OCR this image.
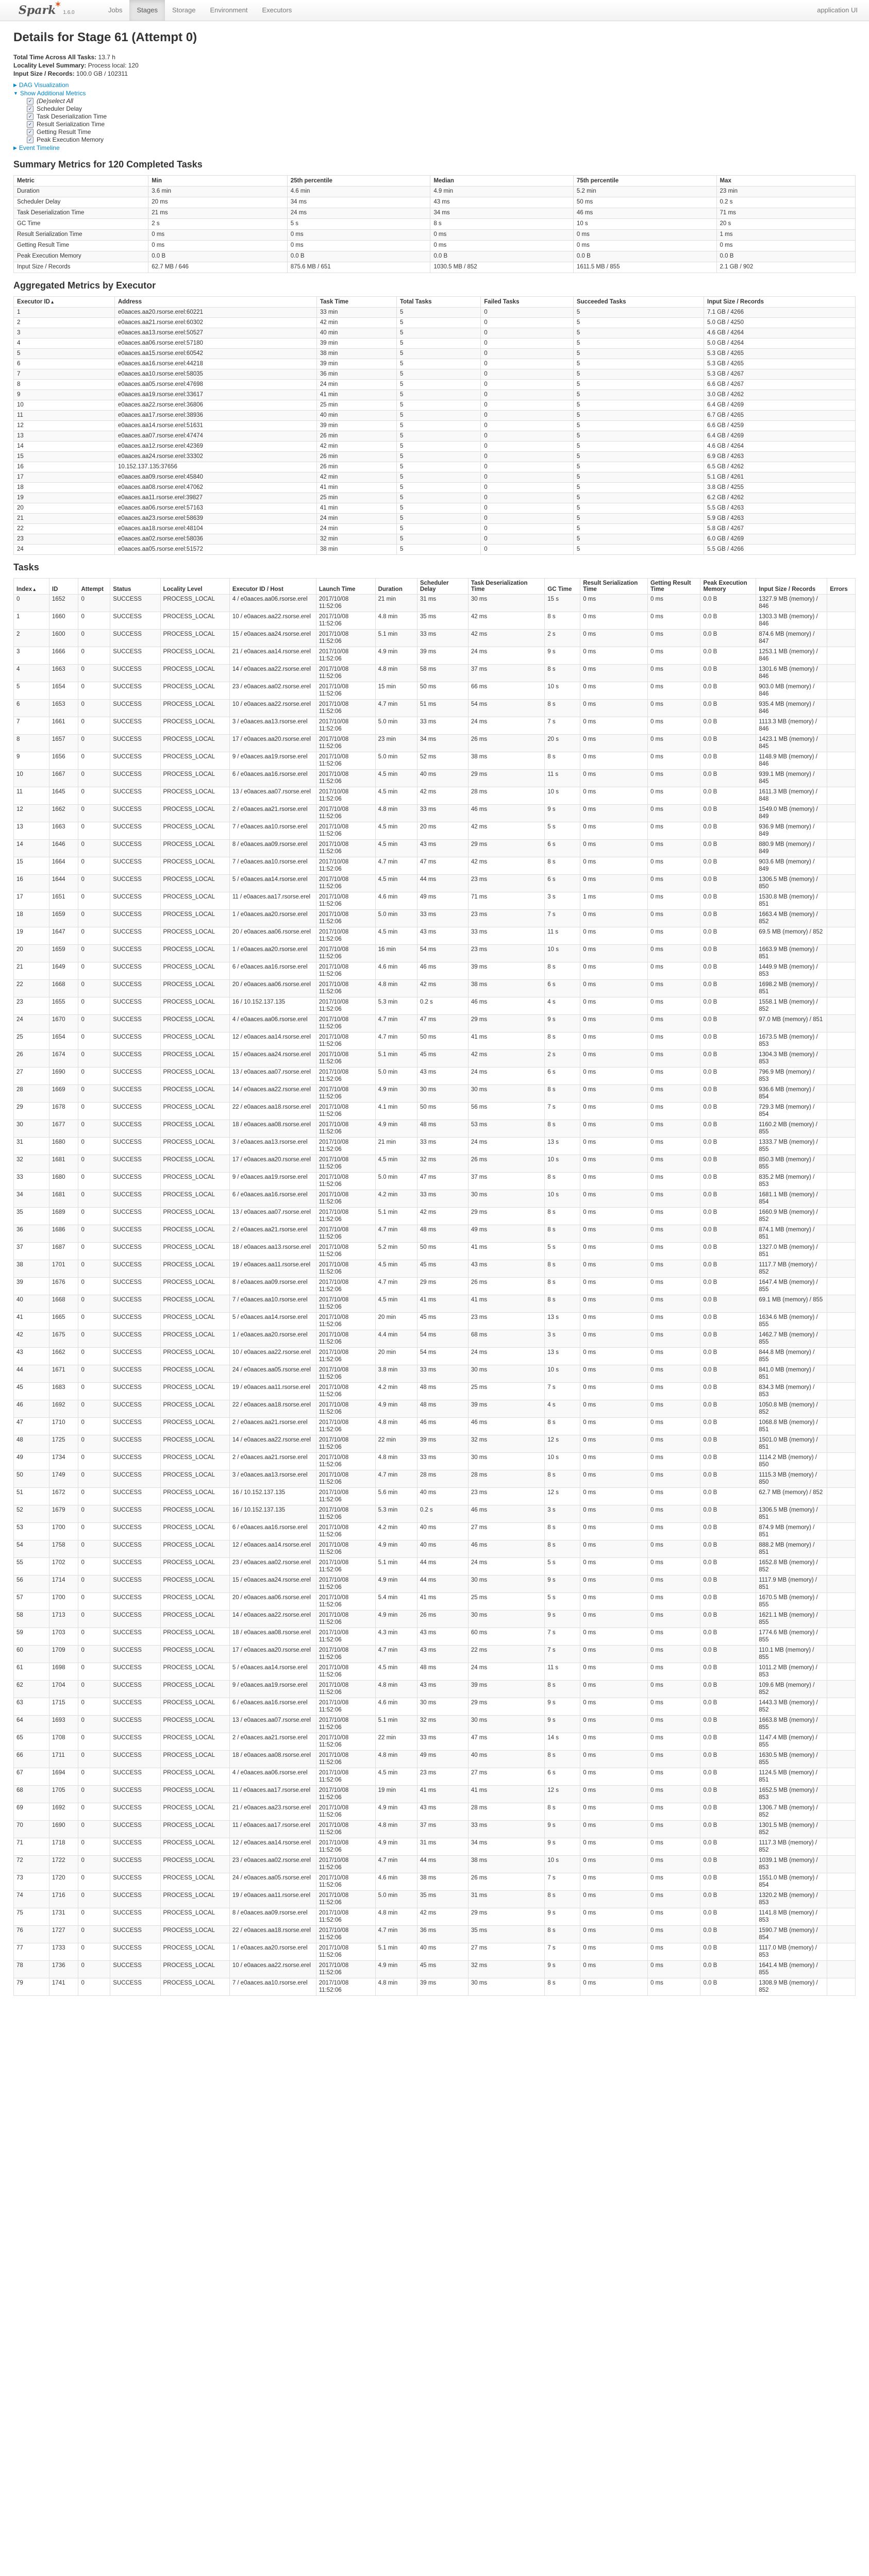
Spark
✶
1.6.0	Jobs	Stages	Storage	Environment	Executors	application UI
Details for Stage 61 (Attempt 0)
Total Time Across All Tasks: 13.7 h
Locality Level Summary: Process local: 120
Input Size / Records: 100.0 GB / 102311
▶ DAG Visualization
▼ Show Additional Metrics
✓ (De)select All
✓ Scheduler Delay
✓ Task Deserialization Time
✓ Result Serialization Time
✓ Getting Result Time
✓ Peak Execution Memory
▶ Event Timeline
Summary Metrics for 120 Completed Tasks
Metric	Min	25th percentile	Median	75th percentile	Max
Duration	3.6 min	4.6 min	4.9 min	5.2 min	23 min
Scheduler Delay	20 ms	34 ms	43 ms	50 ms	0.2 s
Task Deserialization Time	21 ms	24 ms	34 ms	46 ms	71 ms
GC Time	2 s	5 s	8 s	10 s	20 s
Result Serialization Time	0 ms	0 ms	0 ms	0 ms	1 ms
Getting Result Time	0 ms	0 ms	0 ms	0 ms	0 ms
Peak Execution Memory	0.0 B	0.0 B	0.0 B	0.0 B	0.0 B
Input Size / Records	62.7 MB / 646	875.6 MB / 651	1030.5 MB / 852	1611.5 MB / 855	2.1 GB / 902
Aggregated Metrics by Executor
Executor ID ▴	Address	Task Time	Total Tasks	Failed Tasks	Succeeded Tasks	Input Size / Records
1	e0aaces.aa20.rsorse.erel:60221	33 min	5	0	5	7.1 GB / 4266
2	e0aaces.aa21.rsorse.erel:60302	42 min	5	0	5	5.0 GB / 4250
3	e0aaces.aa13.rsorse.erel:50527	40 min	5	0	5	4.6 GB / 4264
4	e0aaces.aa06.rsorse.erel:57180	39 min	5	0	5	5.0 GB / 4264
5	e0aaces.aa15.rsorse.erel:60542	38 min	5	0	5	5.3 GB / 4265
6	e0aaces.aa16.rsorse.erel:44218	39 min	5	0	5	5.3 GB / 4265
7	e0aaces.aa10.rsorse.erel:58035	36 min	5	0	5	5.3 GB / 4267
8	e0aaces.aa05.rsorse.erel:47698	24 min	5	0	5	6.6 GB / 4267
9	e0aaces.aa19.rsorse.erel:33617	41 min	5	0	5	3.0 GB / 4262
10	e0aaces.aa22.rsorse.erel:36806	25 min	5	0	5	6.4 GB / 4269
11	e0aaces.aa17.rsorse.erel:38936	40 min	5	0	5	6.7 GB / 4265
12	e0aaces.aa14.rsorse.erel:51631	39 min	5	0	5	6.6 GB / 4259
13	e0aaces.aa07.rsorse.erel:47474	26 min	5	0	5	6.4 GB / 4269
14	e0aaces.aa12.rsorse.erel:42369	42 min	5	0	5	4.6 GB / 4264
15	e0aaces.aa24.rsorse.erel:33302	26 min	5	0	5	6.9 GB / 4263
16	10.152.137.135:37656	26 min	5	0	5	6.5 GB / 4262
17	e0aaces.aa09.rsorse.erel:45840	42 min	5	0	5	5.1 GB / 4261
18	e0aaces.aa08.rsorse.erel:47062	41 min	5	0	5	3.8 GB / 4255
19	e0aaces.aa11.rsorse.erel:39827	25 min	5	0	5	6.2 GB / 4262
20	e0aaces.aa06.rsorse.erel:57163	41 min	5	0	5	5.5 GB / 4263
21	e0aaces.aa23.rsorse.erel:58639	24 min	5	0	5	5.9 GB / 4263
22	e0aaces.aa18.rsorse.erel:48104	24 min	5	0	5	5.8 GB / 4267
23	e0aaces.aa02.rsorse.erel:58036	32 min	5	0	5	6.0 GB / 4269
24	e0aaces.aa05.rsorse.erel:51572	38 min	5	0	5	5.5 GB / 4266
Tasks
Index ▴	ID	Attempt	Status	Locality Level	Executor ID / Host	Launch Time	Duration	Scheduler Delay	Task Deserialization Time	GC Time	Result Serialization Time	Getting Result Time	Peak Execution Memory	Input Size / Records	Errors
0	1652	0	SUCCESS	PROCESS_LOCAL	4 / e0aaces.aa06.rsorse.erel	2017/10/08 11:52:06	21 min	31 ms	30 ms	15 s	0 ms	0 ms	0.0 B	1327.9 MB (memory) / 846	
1	1660	0	SUCCESS	PROCESS_LOCAL	10 / e0aaces.aa22.rsorse.erel	2017/10/08 11:52:06	4.8 min	35 ms	42 ms	8 s	0 ms	0 ms	0.0 B	1303.3 MB (memory) / 846	
2	1600	0	SUCCESS	PROCESS_LOCAL	15 / e0aaces.aa24.rsorse.erel	2017/10/08 11:52:06	5.1 min	33 ms	42 ms	2 s	0 ms	0 ms	0.0 B	874.6 MB (memory) / 847	
3	1666	0	SUCCESS	PROCESS_LOCAL	21 / e0aaces.aa14.rsorse.erel	2017/10/08 11:52:06	4.9 min	39 ms	24 ms	9 s	0 ms	0 ms	0.0 B	1253.1 MB (memory) / 846	
4	1663	0	SUCCESS	PROCESS_LOCAL	14 / e0aaces.aa22.rsorse.erel	2017/10/08 11:52:06	4.8 min	58 ms	37 ms	8 s	0 ms	0 ms	0.0 B	1301.6 MB (memory) / 846	
5	1654	0	SUCCESS	PROCESS_LOCAL	23 / e0aaces.aa02.rsorse.erel	2017/10/08 11:52:06	15 min	50 ms	66 ms	10 s	0 ms	0 ms	0.0 B	903.0 MB (memory) / 846	
6	1653	0	SUCCESS	PROCESS_LOCAL	10 / e0aaces.aa22.rsorse.erel	2017/10/08 11:52:06	4.7 min	51 ms	54 ms	8 s	0 ms	0 ms	0.0 B	935.4 MB (memory) / 846	
7	1661	0	SUCCESS	PROCESS_LOCAL	3 / e0aaces.aa13.rsorse.erel	2017/10/08 11:52:06	5.0 min	33 ms	24 ms	7 s	0 ms	0 ms	0.0 B	1113.3 MB (memory) / 846	
8	1657	0	SUCCESS	PROCESS_LOCAL	17 / e0aaces.aa20.rsorse.erel	2017/10/08 11:52:06	23 min	34 ms	26 ms	20 s	0 ms	0 ms	0.0 B	1423.1 MB (memory) / 845	
9	1656	0	SUCCESS	PROCESS_LOCAL	9 / e0aaces.aa19.rsorse.erel	2017/10/08 11:52:06	5.0 min	52 ms	38 ms	8 s	0 ms	0 ms	0.0 B	1148.9 MB (memory) / 846	
10	1667	0	SUCCESS	PROCESS_LOCAL	6 / e0aaces.aa16.rsorse.erel	2017/10/08 11:52:06	4.5 min	40 ms	29 ms	11 s	0 ms	0 ms	0.0 B	939.1 MB (memory) / 845	
11	1645	0	SUCCESS	PROCESS_LOCAL	13 / e0aaces.aa07.rsorse.erel	2017/10/08 11:52:06	4.5 min	42 ms	28 ms	10 s	0 ms	0 ms	0.0 B	1611.3 MB (memory) / 848	
12	1662	0	SUCCESS	PROCESS_LOCAL	2 / e0aaces.aa21.rsorse.erel	2017/10/08 11:52:06	4.8 min	33 ms	46 ms	9 s	0 ms	0 ms	0.0 B	1549.0 MB (memory) / 849	
13	1663	0	SUCCESS	PROCESS_LOCAL	7 / e0aaces.aa10.rsorse.erel	2017/10/08 11:52:06	4.5 min	20 ms	42 ms	5 s	0 ms	0 ms	0.0 B	936.9 MB (memory) / 849	
14	1646	0	SUCCESS	PROCESS_LOCAL	8 / e0aaces.aa09.rsorse.erel	2017/10/08 11:52:06	4.5 min	43 ms	29 ms	6 s	0 ms	0 ms	0.0 B	880.9 MB (memory) / 849	
15	1664	0	SUCCESS	PROCESS_LOCAL	7 / e0aaces.aa10.rsorse.erel	2017/10/08 11:52:06	4.7 min	47 ms	42 ms	8 s	0 ms	0 ms	0.0 B	903.6 MB (memory) / 849	
16	1644	0	SUCCESS	PROCESS_LOCAL	5 / e0aaces.aa14.rsorse.erel	2017/10/08 11:52:06	4.5 min	44 ms	23 ms	6 s	0 ms	0 ms	0.0 B	1306.5 MB (memory) / 850	
17	1651	0	SUCCESS	PROCESS_LOCAL	11 / e0aaces.aa17.rsorse.erel	2017/10/08 11:52:06	4.6 min	49 ms	71 ms	3 s	1 ms	0 ms	0.0 B	1530.8 MB (memory) / 851	
18	1659	0	SUCCESS	PROCESS_LOCAL	1 / e0aaces.aa20.rsorse.erel	2017/10/08 11:52:06	5.0 min	33 ms	23 ms	7 s	0 ms	0 ms	0.0 B	1663.4 MB (memory) / 852	
19	1647	0	SUCCESS	PROCESS_LOCAL	20 / e0aaces.aa06.rsorse.erel	2017/10/08 11:52:06	4.5 min	43 ms	33 ms	11 s	0 ms	0 ms	0.0 B	69.5 MB (memory) / 852	
20	1659	0	SUCCESS	PROCESS_LOCAL	1 / e0aaces.aa20.rsorse.erel	2017/10/08 11:52:06	16 min	54 ms	23 ms	10 s	0 ms	0 ms	0.0 B	1663.9 MB (memory) / 851	
21	1649	0	SUCCESS	PROCESS_LOCAL	6 / e0aaces.aa16.rsorse.erel	2017/10/08 11:52:06	4.6 min	46 ms	39 ms	8 s	0 ms	0 ms	0.0 B	1449.9 MB (memory) / 853	
22	1668	0	SUCCESS	PROCESS_LOCAL	20 / e0aaces.aa06.rsorse.erel	2017/10/08 11:52:06	4.8 min	42 ms	38 ms	6 s	0 ms	0 ms	0.0 B	1698.2 MB (memory) / 851	
23	1655	0	SUCCESS	PROCESS_LOCAL	16 / 10.152.137.135	2017/10/08 11:52:06	5.3 min	0.2 s	46 ms	4 s	0 ms	0 ms	0.0 B	1558.1 MB (memory) / 852	
24	1670	0	SUCCESS	PROCESS_LOCAL	4 / e0aaces.aa06.rsorse.erel	2017/10/08 11:52:06	4.7 min	47 ms	29 ms	9 s	0 ms	0 ms	0.0 B	97.0 MB (memory) / 851	
25	1654	0	SUCCESS	PROCESS_LOCAL	12 / e0aaces.aa14.rsorse.erel	2017/10/08 11:52:06	4.7 min	50 ms	41 ms	8 s	0 ms	0 ms	0.0 B	1673.5 MB (memory) / 853	
26	1674	0	SUCCESS	PROCESS_LOCAL	15 / e0aaces.aa24.rsorse.erel	2017/10/08 11:52:06	5.1 min	45 ms	42 ms	2 s	0 ms	0 ms	0.0 B	1304.3 MB (memory) / 853	
27	1690	0	SUCCESS	PROCESS_LOCAL	13 / e0aaces.aa07.rsorse.erel	2017/10/08 11:52:06	5.0 min	43 ms	24 ms	6 s	0 ms	0 ms	0.0 B	796.9 MB (memory) / 853	
28	1669	0	SUCCESS	PROCESS_LOCAL	14 / e0aaces.aa22.rsorse.erel	2017/10/08 11:52:06	4.9 min	30 ms	30 ms	8 s	0 ms	0 ms	0.0 B	936.6 MB (memory) / 854	
29	1678	0	SUCCESS	PROCESS_LOCAL	22 / e0aaces.aa18.rsorse.erel	2017/10/08 11:52:06	4.1 min	50 ms	56 ms	7 s	0 ms	0 ms	0.0 B	729.3 MB (memory) / 854	
30	1677	0	SUCCESS	PROCESS_LOCAL	18 / e0aaces.aa08.rsorse.erel	2017/10/08 11:52:06	4.9 min	48 ms	53 ms	8 s	0 ms	0 ms	0.0 B	1160.2 MB (memory) / 855	
31	1680	0	SUCCESS	PROCESS_LOCAL	3 / e0aaces.aa13.rsorse.erel	2017/10/08 11:52:06	21 min	33 ms	24 ms	13 s	0 ms	0 ms	0.0 B	1333.7 MB (memory) / 855	
32	1681	0	SUCCESS	PROCESS_LOCAL	17 / e0aaces.aa20.rsorse.erel	2017/10/08 11:52:06	4.5 min	32 ms	26 ms	10 s	0 ms	0 ms	0.0 B	850.3 MB (memory) / 855	
33	1680	0	SUCCESS	PROCESS_LOCAL	9 / e0aaces.aa19.rsorse.erel	2017/10/08 11:52:06	5.0 min	47 ms	37 ms	8 s	0 ms	0 ms	0.0 B	835.2 MB (memory) / 853	
34	1681	0	SUCCESS	PROCESS_LOCAL	6 / e0aaces.aa16.rsorse.erel	2017/10/08 11:52:06	4.2 min	33 ms	30 ms	10 s	0 ms	0 ms	0.0 B	1681.1 MB (memory) / 854	
35	1689	0	SUCCESS	PROCESS_LOCAL	13 / e0aaces.aa07.rsorse.erel	2017/10/08 11:52:06	5.1 min	42 ms	29 ms	8 s	0 ms	0 ms	0.0 B	1660.9 MB (memory) / 852	
36	1686	0	SUCCESS	PROCESS_LOCAL	2 / e0aaces.aa21.rsorse.erel	2017/10/08 11:52:06	4.7 min	48 ms	49 ms	8 s	0 ms	0 ms	0.0 B	874.1 MB (memory) / 851	
37	1687	0	SUCCESS	PROCESS_LOCAL	18 / e0aaces.aa13.rsorse.erel	2017/10/08 11:52:06	5.2 min	50 ms	41 ms	5 s	0 ms	0 ms	0.0 B	1327.0 MB (memory) / 851	
38	1701	0	SUCCESS	PROCESS_LOCAL	19 / e0aaces.aa11.rsorse.erel	2017/10/08 11:52:06	4.5 min	45 ms	43 ms	8 s	0 ms	0 ms	0.0 B	1117.7 MB (memory) / 852	
39	1676	0	SUCCESS	PROCESS_LOCAL	8 / e0aaces.aa09.rsorse.erel	2017/10/08 11:52:06	4.7 min	29 ms	26 ms	8 s	0 ms	0 ms	0.0 B	1647.4 MB (memory) / 855	
40	1668	0	SUCCESS	PROCESS_LOCAL	7 / e0aaces.aa10.rsorse.erel	2017/10/08 11:52:06	4.5 min	41 ms	41 ms	8 s	0 ms	0 ms	0.0 B	69.1 MB (memory) / 855	
41	1665	0	SUCCESS	PROCESS_LOCAL	5 / e0aaces.aa14.rsorse.erel	2017/10/08 11:52:06	20 min	45 ms	23 ms	13 s	0 ms	0 ms	0.0 B	1634.6 MB (memory) / 855	
42	1675	0	SUCCESS	PROCESS_LOCAL	1 / e0aaces.aa20.rsorse.erel	2017/10/08 11:52:06	4.4 min	54 ms	68 ms	3 s	0 ms	0 ms	0.0 B	1462.7 MB (memory) / 855	
43	1662	0	SUCCESS	PROCESS_LOCAL	10 / e0aaces.aa22.rsorse.erel	2017/10/08 11:52:06	20 min	54 ms	24 ms	13 s	0 ms	0 ms	0.0 B	844.8 MB (memory) / 855	
44	1671	0	SUCCESS	PROCESS_LOCAL	24 / e0aaces.aa05.rsorse.erel	2017/10/08 11:52:06	3.8 min	33 ms	30 ms	10 s	0 ms	0 ms	0.0 B	841.0 MB (memory) / 851	
45	1683	0	SUCCESS	PROCESS_LOCAL	19 / e0aaces.aa11.rsorse.erel	2017/10/08 11:52:06	4.2 min	48 ms	25 ms	7 s	0 ms	0 ms	0.0 B	834.3 MB (memory) / 853	
46	1692	0	SUCCESS	PROCESS_LOCAL	22 / e0aaces.aa18.rsorse.erel	2017/10/08 11:52:06	4.9 min	48 ms	39 ms	4 s	0 ms	0 ms	0.0 B	1050.8 MB (memory) / 852	
47	1710	0	SUCCESS	PROCESS_LOCAL	2 / e0aaces.aa21.rsorse.erel	2017/10/08 11:52:06	4.8 min	46 ms	46 ms	8 s	0 ms	0 ms	0.0 B	1068.8 MB (memory) / 851	
48	1725	0	SUCCESS	PROCESS_LOCAL	14 / e0aaces.aa22.rsorse.erel	2017/10/08 11:52:06	22 min	39 ms	32 ms	12 s	0 ms	0 ms	0.0 B	1501.0 MB (memory) / 851	
49	1734	0	SUCCESS	PROCESS_LOCAL	2 / e0aaces.aa21.rsorse.erel	2017/10/08 11:52:06	4.8 min	33 ms	30 ms	10 s	0 ms	0 ms	0.0 B	1114.2 MB (memory) / 850	
50	1749	0	SUCCESS	PROCESS_LOCAL	3 / e0aaces.aa13.rsorse.erel	2017/10/08 11:52:06	4.7 min	28 ms	28 ms	8 s	0 ms	0 ms	0.0 B	1115.3 MB (memory) / 850	
51	1672	0	SUCCESS	PROCESS_LOCAL	16 / 10.152.137.135	2017/10/08 11:52:06	5.6 min	40 ms	23 ms	12 s	0 ms	0 ms	0.0 B	62.7 MB (memory) / 852	
52	1679	0	SUCCESS	PROCESS_LOCAL	16 / 10.152.137.135	2017/10/08 11:52:06	5.3 min	0.2 s	46 ms	3 s	0 ms	0 ms	0.0 B	1306.5 MB (memory) / 851	
53	1700	0	SUCCESS	PROCESS_LOCAL	6 / e0aaces.aa16.rsorse.erel	2017/10/08 11:52:06	4.2 min	40 ms	27 ms	8 s	0 ms	0 ms	0.0 B	874.9 MB (memory) / 851	
54	1758	0	SUCCESS	PROCESS_LOCAL	12 / e0aaces.aa14.rsorse.erel	2017/10/08 11:52:06	4.9 min	40 ms	46 ms	8 s	0 ms	0 ms	0.0 B	888.2 MB (memory) / 851	
55	1702	0	SUCCESS	PROCESS_LOCAL	23 / e0aaces.aa02.rsorse.erel	2017/10/08 11:52:06	5.1 min	44 ms	24 ms	5 s	0 ms	0 ms	0.0 B	1652.8 MB (memory) / 852	
56	1714	0	SUCCESS	PROCESS_LOCAL	15 / e0aaces.aa24.rsorse.erel	2017/10/08 11:52:06	4.9 min	44 ms	30 ms	9 s	0 ms	0 ms	0.0 B	1117.9 MB (memory) / 851	
57	1700	0	SUCCESS	PROCESS_LOCAL	20 / e0aaces.aa06.rsorse.erel	2017/10/08 11:52:06	5.4 min	41 ms	25 ms	5 s	0 ms	0 ms	0.0 B	1670.5 MB (memory) / 855	
58	1713	0	SUCCESS	PROCESS_LOCAL	14 / e0aaces.aa22.rsorse.erel	2017/10/08 11:52:06	4.9 min	26 ms	30 ms	9 s	0 ms	0 ms	0.0 B	1621.1 MB (memory) / 855	
59	1703	0	SUCCESS	PROCESS_LOCAL	18 / e0aaces.aa08.rsorse.erel	2017/10/08 11:52:06	4.3 min	43 ms	60 ms	7 s	0 ms	0 ms	0.0 B	1774.6 MB (memory) / 855	
60	1709	0	SUCCESS	PROCESS_LOCAL	17 / e0aaces.aa20.rsorse.erel	2017/10/08 11:52:06	4.7 min	43 ms	22 ms	7 s	0 ms	0 ms	0.0 B	110.1 MB (memory) / 855	
61	1698	0	SUCCESS	PROCESS_LOCAL	5 / e0aaces.aa14.rsorse.erel	2017/10/08 11:52:06	4.5 min	48 ms	24 ms	11 s	0 ms	0 ms	0.0 B	1011.2 MB (memory) / 853	
62	1704	0	SUCCESS	PROCESS_LOCAL	9 / e0aaces.aa19.rsorse.erel	2017/10/08 11:52:06	4.8 min	43 ms	39 ms	8 s	0 ms	0 ms	0.0 B	109.6 MB (memory) / 852	
63	1715	0	SUCCESS	PROCESS_LOCAL	6 / e0aaces.aa16.rsorse.erel	2017/10/08 11:52:06	4.6 min	30 ms	29 ms	9 s	0 ms	0 ms	0.0 B	1443.3 MB (memory) / 852	
64	1693	0	SUCCESS	PROCESS_LOCAL	13 / e0aaces.aa07.rsorse.erel	2017/10/08 11:52:06	5.1 min	32 ms	30 ms	9 s	0 ms	0 ms	0.0 B	1663.8 MB (memory) / 855	
65	1708	0	SUCCESS	PROCESS_LOCAL	2 / e0aaces.aa21.rsorse.erel	2017/10/08 11:52:06	22 min	33 ms	47 ms	14 s	0 ms	0 ms	0.0 B	1147.4 MB (memory) / 855	
66	1711	0	SUCCESS	PROCESS_LOCAL	18 / e0aaces.aa08.rsorse.erel	2017/10/08 11:52:06	4.8 min	49 ms	40 ms	8 s	0 ms	0 ms	0.0 B	1630.5 MB (memory) / 855	
67	1694	0	SUCCESS	PROCESS_LOCAL	4 / e0aaces.aa06.rsorse.erel	2017/10/08 11:52:06	4.5 min	23 ms	27 ms	6 s	0 ms	0 ms	0.0 B	1124.5 MB (memory) / 851	
68	1705	0	SUCCESS	PROCESS_LOCAL	11 / e0aaces.aa17.rsorse.erel	2017/10/08 11:52:06	19 min	41 ms	41 ms	12 s	0 ms	0 ms	0.0 B	1652.5 MB (memory) / 853	
69	1692	0	SUCCESS	PROCESS_LOCAL	21 / e0aaces.aa23.rsorse.erel	2017/10/08 11:52:06	4.9 min	43 ms	28 ms	8 s	0 ms	0 ms	0.0 B	1306.7 MB (memory) / 852	
70	1690	0	SUCCESS	PROCESS_LOCAL	11 / e0aaces.aa17.rsorse.erel	2017/10/08 11:52:06	4.8 min	37 ms	33 ms	9 s	0 ms	0 ms	0.0 B	1301.5 MB (memory) / 852	
71	1718	0	SUCCESS	PROCESS_LOCAL	12 / e0aaces.aa14.rsorse.erel	2017/10/08 11:52:06	4.9 min	31 ms	34 ms	9 s	0 ms	0 ms	0.0 B	1117.3 MB (memory) / 852	
72	1722	0	SUCCESS	PROCESS_LOCAL	23 / e0aaces.aa02.rsorse.erel	2017/10/08 11:52:06	4.7 min	44 ms	38 ms	10 s	0 ms	0 ms	0.0 B	1039.1 MB (memory) / 853	
73	1720	0	SUCCESS	PROCESS_LOCAL	24 / e0aaces.aa05.rsorse.erel	2017/10/08 11:52:06	4.6 min	38 ms	26 ms	7 s	0 ms	0 ms	0.0 B	1551.0 MB (memory) / 854	
74	1716	0	SUCCESS	PROCESS_LOCAL	19 / e0aaces.aa11.rsorse.erel	2017/10/08 11:52:06	5.0 min	35 ms	31 ms	8 s	0 ms	0 ms	0.0 B	1320.2 MB (memory) / 853	
75	1731	0	SUCCESS	PROCESS_LOCAL	8 / e0aaces.aa09.rsorse.erel	2017/10/08 11:52:06	4.8 min	42 ms	29 ms	9 s	0 ms	0 ms	0.0 B	1141.8 MB (memory) / 853	
76	1727	0	SUCCESS	PROCESS_LOCAL	22 / e0aaces.aa18.rsorse.erel	2017/10/08 11:52:06	4.7 min	36 ms	35 ms	8 s	0 ms	0 ms	0.0 B	1590.7 MB (memory) / 854	
77	1733	0	SUCCESS	PROCESS_LOCAL	1 / e0aaces.aa20.rsorse.erel	2017/10/08 11:52:06	5.1 min	40 ms	27 ms	7 s	0 ms	0 ms	0.0 B	1117.0 MB (memory) / 853	
78	1736	0	SUCCESS	PROCESS_LOCAL	10 / e0aaces.aa22.rsorse.erel	2017/10/08 11:52:06	4.9 min	45 ms	32 ms	9 s	0 ms	0 ms	0.0 B	1641.4 MB (memory) / 855	
79	1741	0	SUCCESS	PROCESS_LOCAL	7 / e0aaces.aa10.rsorse.erel	2017/10/08 11:52:06	4.8 min	39 ms	30 ms	8 s	0 ms	0 ms	0.0 B	1308.9 MB (memory) / 852	
